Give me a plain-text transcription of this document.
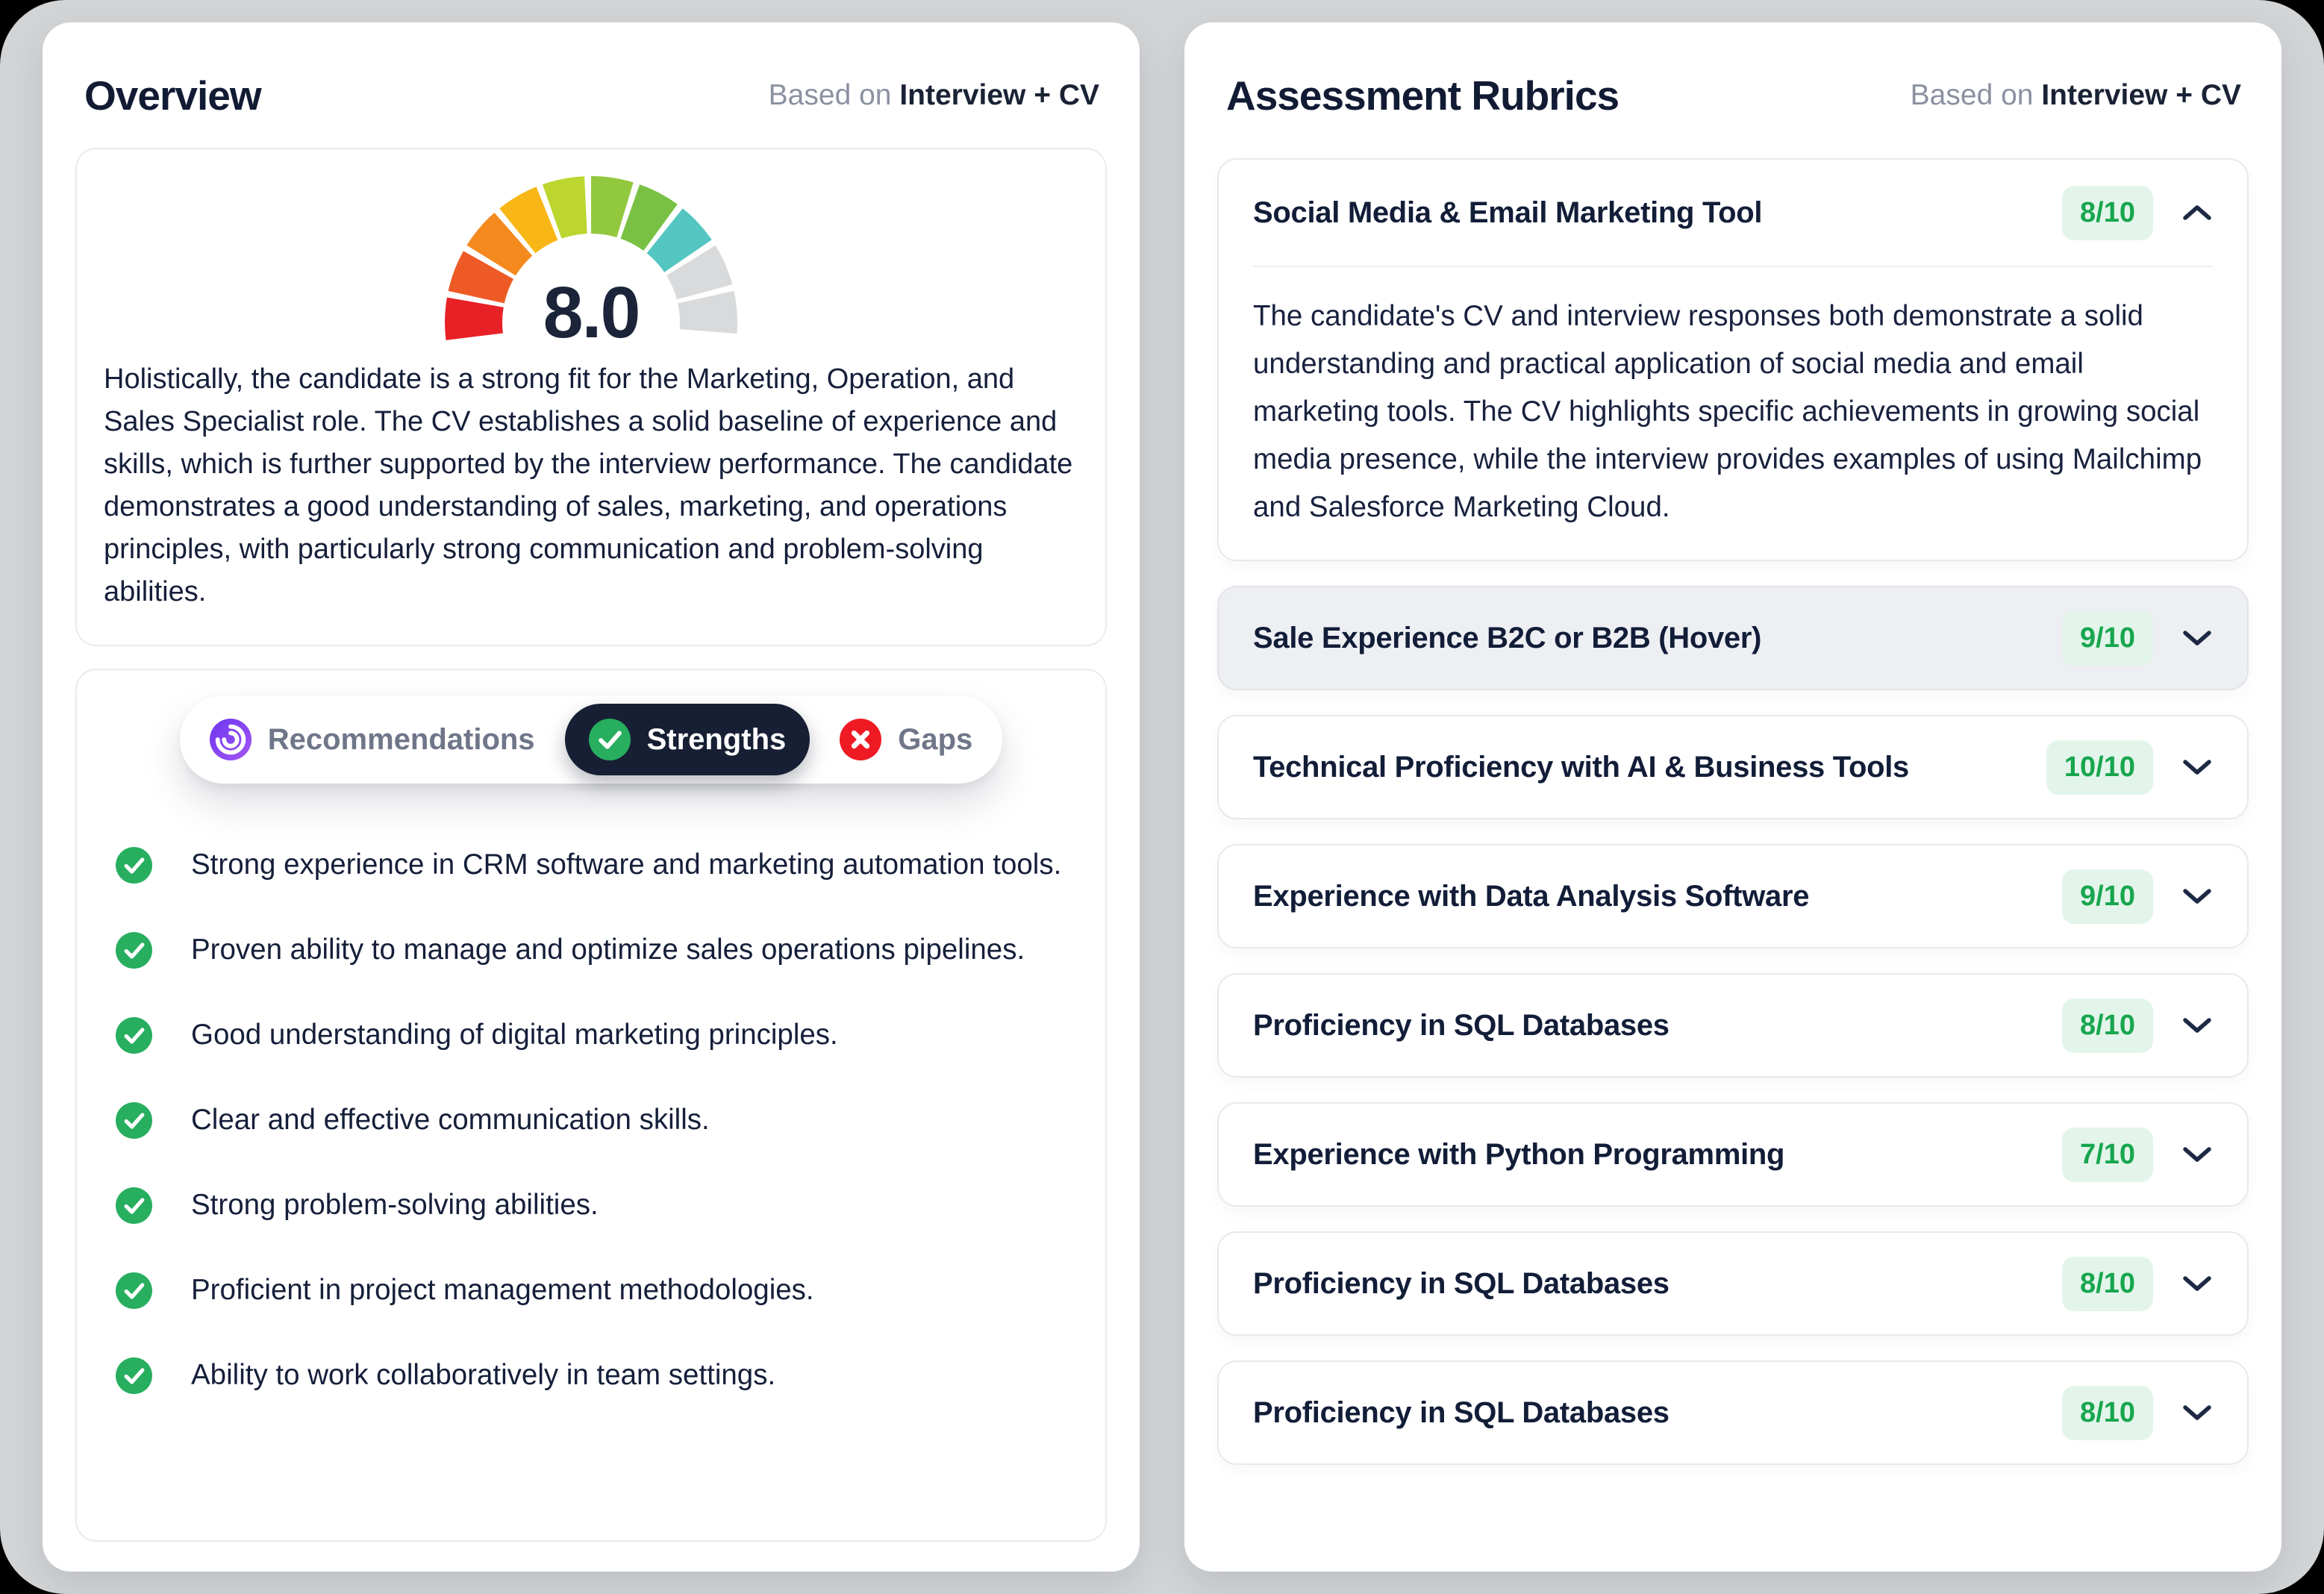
Overview	Based on Interview + CV
8.0

Holistically, the candidate is a strong fit for the Marketing, Operation, and Sales Specialist role. The CV establishes a solid baseline of experience and skills, which is further supported by the interview performance. The candidate demonstrates a good understanding of sales, marketing, and operations principles, with particularly strong communication and problem-solving abilities.

Recommendations	Strengths	Gaps

Strong experience in CRM software and marketing automation tools.

Proven ability to manage and optimize sales operations pipelines.

Good understanding of digital marketing principles.

Clear and effective communication skills.

Strong problem-solving abilities.

Proficient in project management methodologies.

Ability to work collaboratively in team settings.

Assessment Rubrics	Based on Interview + CV
Social Media & Email Marketing Tool	8/10

The candidate's CV and interview responses both demonstrate a solid understanding and practical application of social media and email marketing tools. The CV highlights specific achievements in growing social media presence, while the interview provides examples of using Mailchimp and Salesforce Marketing Cloud.

Sale Experience B2C or B2B (Hover)	9/10
Technical Proficiency with AI & Business Tools	10/10
Experience with Data Analysis Software	9/10
Proficiency in SQL Databases	8/10
Experience with Python Programming	7/10
Proficiency in SQL Databases	8/10
Proficiency in SQL Databases	8/10
